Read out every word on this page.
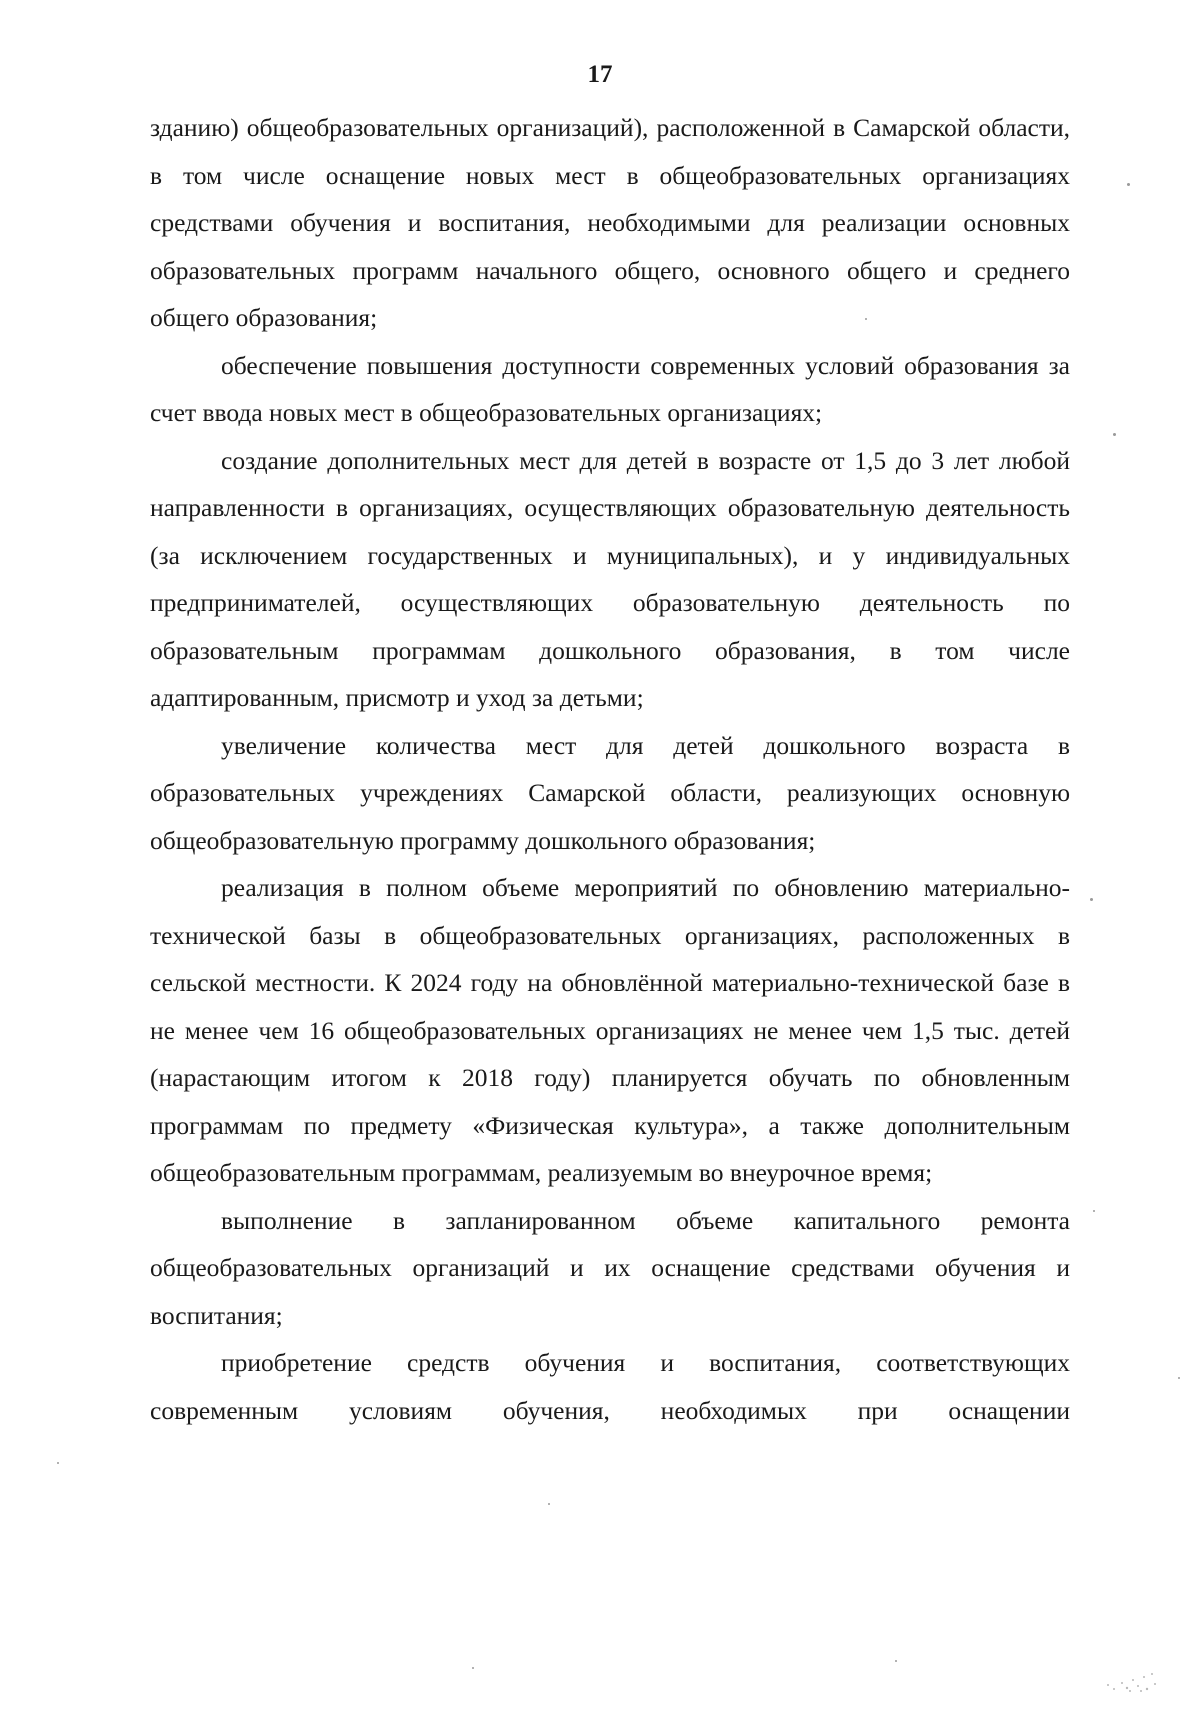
17

зданию) общеобразовательных организаций), расположенной в Самарской области, в том числе оснащение новых мест в общеобразовательных организациях средствами обучения и воспитания, необходимыми для реализации основных образовательных программ начального общего, основного общего и среднего общего образования;

обеспечение повышения доступности современных условий образования за счет ввода новых мест в общеобразовательных организациях;

создание дополнительных мест для детей в возрасте от 1,5 до 3 лет любой направленности в организациях, осуществляющих образовательную деятельность (за исключением государственных и муниципальных), и у индивидуальных предпринимателей, осуществляющих образовательную деятельность по образовательным программам дошкольного образования, в том числе адаптированным, присмотр и уход за детьми;

увеличение количества мест для детей дошкольного возраста в образовательных учреждениях Самарской области, реализующих основную общеобразовательную программу дошкольного образования;

реализация в полном объеме мероприятий по обновлению материально-технической базы в общеобразовательных организациях, расположенных в сельской местности. К 2024 году на обновлённой материально-технической базе в не менее чем 16 общеобразовательных организациях не менее чем 1,5 тыс. детей (нарастающим итогом к 2018 году) планируется обучать по обновленным программам по предмету «Физическая культура», а также дополнительным общеобразовательным программам, реализуемым во внеурочное время;

выполнение в запланированном объеме капитального ремонта общеобразовательных организаций и их оснащение средствами обучения и воспитания;

приобретение средств обучения и воспитания, соответствующих современным условиям обучения, необходимых при оснащении
